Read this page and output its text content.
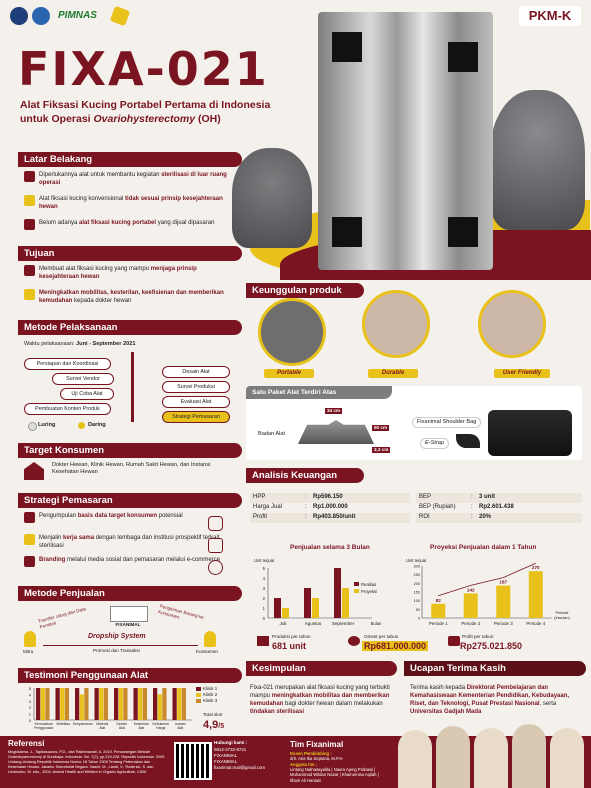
PIMNAS	PKM-K
FIXA-021
Alat Fiksasi Kucing Portabel Pertama di Indonesia
untuk Operasi Ovariohysterectomy (OH)
Latar Belakang
Diperlukannya alat untuk membantu kegiatan sterilisasi di luar ruang operasi
Alat fiksasi kucing konvensional tidak sesuai prinsip kesejahteraan hewan
Belum adanya alat fiksasi kucing portabel yang dijual dipasaran
Tujuan
Membuat alat fiksasi kucing yang mampu menjaga prinsip kesejahteraan hewan
Meningkatkan mobilitas, kesterilan, keefisienan dan memberikan kemudahan kepada dokter hewan
Metode Pelaksanaan
Waktu pelaksanaan: Juni - September 2021
Persiapan dan Koordinasi
Survei Vendor
Uji Coba Alat
Pembuatan Konten Produk
Desain Alat
Survei Produksi
Evaluasi Alat
Strategi Pemasaran
Luring	Daring
Target Konsumen
Dokter Hewan, Klinik Hewan, Rumah Sakit Hewan, dan Instansi Kesehatan Hewan
Strategi Pemasaran
Pengumpulan basis data target konsumen potensial
Menjalin kerja sama dengan lembaga dan institusi prospektif terkait sterilisasi
Branding melalui media sosial dan pemasaran melalui e-commerce
Metode Penjualan
FIXANIMAL
Transfer Uang dan Data Pembeli
Pengiriman Barang ke Konsumen
Dropship System
Mitra	Konsumen
Promosi dan Transaksi
Testimoni Penggunaan Alat
0
1
2
3
4
5
Kemudahan
Penggunaan
Mobilitas Kenyamanan Material
Alat
Desain
Alat
Kesterilan
Alat
Kebutuhan
Harga
Inovasi
Alat
Klinik 1
Klinik 2
Klinik 3
Total skor
4,9/5
Keunggulan produk
Portable	Durable	User Friendly
Satu Paket Alat Terdiri Atas
Badan Alat
34 cm
50 cm
3,3 cm
Fixanimal Shoulder Bag
E-Strap
Analisis Keuangan
HPP	:	Rp596.150
Harga Jual	:	Rp1.000.000
Profit	:	Rp403.850/unit
BEP	:	3 unit
BEP (Rupiah)	:	Rp2.601.438
ROI	:	20%
Penjualan selama 3 Bulan
Unit terjual
0
1
2
3
4
5
Juli	Agustus September	Bulan
Realitas
Proyeksi
Proyeksi Penjualan dalam 1 Tahun
Unit terjual
0
50
100
150
200
250
300
82
Periode 1
142
Periode 2
187
Periode 3
270
Periode 4
Periode
(triwulan)
Produksi per tahun
681 unit
Omset per tahun
Rp681.000.000
Profit per tahun
Rp275.021.850
Kesimpulan
Fixa-021 merupakan alat fiksasi kucing yang terbukti mampu meningkatkan mobilitas dan memberikan kemudahan bagi dokter hewan dalam melakukan tindakan sterilisasi
Ucapan Terima Kasih
Terima kasih kepada Direktorat Pembelajaran dan Kemahasiswaan Kementerian Pendidikan, Kebudayaan, Riset, dan Teknologi, Pusat Prestasi Nasional, serta Universitas Gadjah Mada
Referensi
Mugiddama, J., Tapikasaurus, P.D., dan Rakhmawati, A. 2019. Pencarangan Metode Ovariohysterectomy di Surabaya. Indonesia. Vol. 7(2), pp.219-226. Republik Indonesia. 2009. Undang-Undang Republik Indonesia Nomor 18 Tahun 2009 Tentang Peternakan dan Kesehatan Hewan. Jakarta: Sekretariat Negara. Vaanit, M., Landi, V., Roderick, S. dan Levinsohn, W. eds., 2004. Animal Health and Welfare in Organic Agriculture. CABI.
Hubungi kami :
0812-2732-8721
FIXANIMAL
FIXANIMAL
fixanimal.mail@gmail.com
Tim Fixanimal
Dosen Pembimbing :
drh. Aria Ika Septana, M.P.H
Anggota tim :
Lintang Nathasayalita | Naura Ajeng Prabawi | Muhammad Wildan Nazar | Khairunnisa Aqilah | Ilham Ali Haniani
